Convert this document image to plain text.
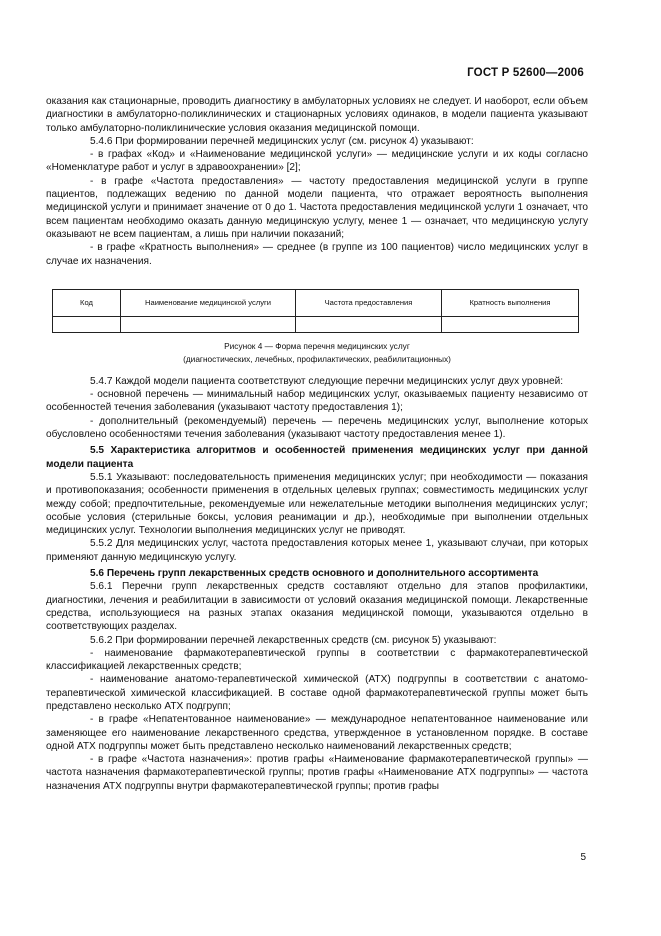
ГОСТ Р 52600—2006

оказания как стационарные, проводить диагностику в амбулаторных условиях не следует. И наоборот, если объем диагностики в амбулаторно-поликлинических и стационарных условиях одинаков, в модели пациента указывают только амбулаторно-поликлинические условия оказания медицинской помощи.

5.4.6 При формировании перечней медицинских услуг (см. рисунок 4) указывают:

- в графах «Код» и «Наименование медицинской услуги» — медицинские услуги и их коды согласно «Номенклатуре работ и услуг в здравоохранении» [2];

- в графе «Частота предоставления» — частоту предоставления медицинской услуги в группе пациентов, подлежащих ведению по данной модели пациента, что отражает вероятность выполнения медицинской услуги и принимает значение от 0 до 1. Частота предоставления медицинской услуги 1 означает, что всем пациентам необходимо оказать данную медицинскую услугу, менее 1 — означает, что медицинскую услугу оказывают не всем пациентам, а лишь при наличии показаний;

- в графе «Кратность выполнения» — среднее (в группе из 100 пациентов) число медицинских услуг в случае их назначения.

Код	Наименование медицинской услуги	Частота предоставления	Кратность выполнения

Рисунок 4 — Форма перечня медицинских услуг
(диагностических, лечебных, профилактических, реабилитационных)

5.4.7 Каждой модели пациента соответствуют следующие перечни медицинских услуг двух уровней:

- основной перечень — минимальный набор медицинских услуг, оказываемых пациенту независимо от особенностей течения заболевания (указывают частоту предоставления 1);

- дополнительный (рекомендуемый) перечень — перечень медицинских услуг, выполнение которых обусловлено особенностями течения заболевания (указывают частоту предоставления менее 1).

5.5 Характеристика алгоритмов и особенностей применения медицинских услуг при данной модели пациента

5.5.1 Указывают: последовательность применения медицинских услуг; при необходимости — показания и противопоказания; особенности применения в отдельных целевых группах; совместимость медицинских услуг между собой; предпочтительные, рекомендуемые или нежелательные методики выполнения медицинских услуг; особые условия (стерильные боксы, условия реанимации и др.), необходимые при выполнении отдельных медицинских услуг. Технологии выполнения медицинских услуг не приводят.

5.5.2 Для медицинских услуг, частота предоставления которых менее 1, указывают случаи, при которых применяют данную медицинскую услугу.

5.6 Перечень групп лекарственных средств основного и дополнительного ассортимента

5.6.1 Перечни групп лекарственных средств составляют отдельно для этапов профилактики, диагностики, лечения и реабилитации в зависимости от условий оказания медицинской помощи. Лекарственные средства, использующиеся на разных этапах оказания медицинской помощи, указываются отдельно в соответствующих разделах.

5.6.2 При формировании перечней лекарственных средств (см. рисунок 5) указывают:

- наименование фармакотерапевтической группы в соответствии с фармакотерапевтической классификацией лекарственных средств;

- наименование анатомо-терапевтической химической (АТХ) подгруппы в соответствии с анатомо-терапевтической химической классификацией. В составе одной фармакотерапевтической группы может быть представлено несколько АТХ подгрупп;

- в графе «Непатентованное наименование» — международное непатентованное наименование или заменяющее его наименование лекарственного средства, утвержденное в установленном порядке. В составе одной АТХ подгруппы может быть представлено несколько наименований лекарственных средств;

- в графе «Частота назначения»: против графы «Наименование фармакотерапевтической группы» — частота назначения фармакотерапевтической группы; против графы «Наименование АТХ подгруппы» — частота назначения АТХ подгруппы внутри фармакотерапевтической группы; против графы

5
